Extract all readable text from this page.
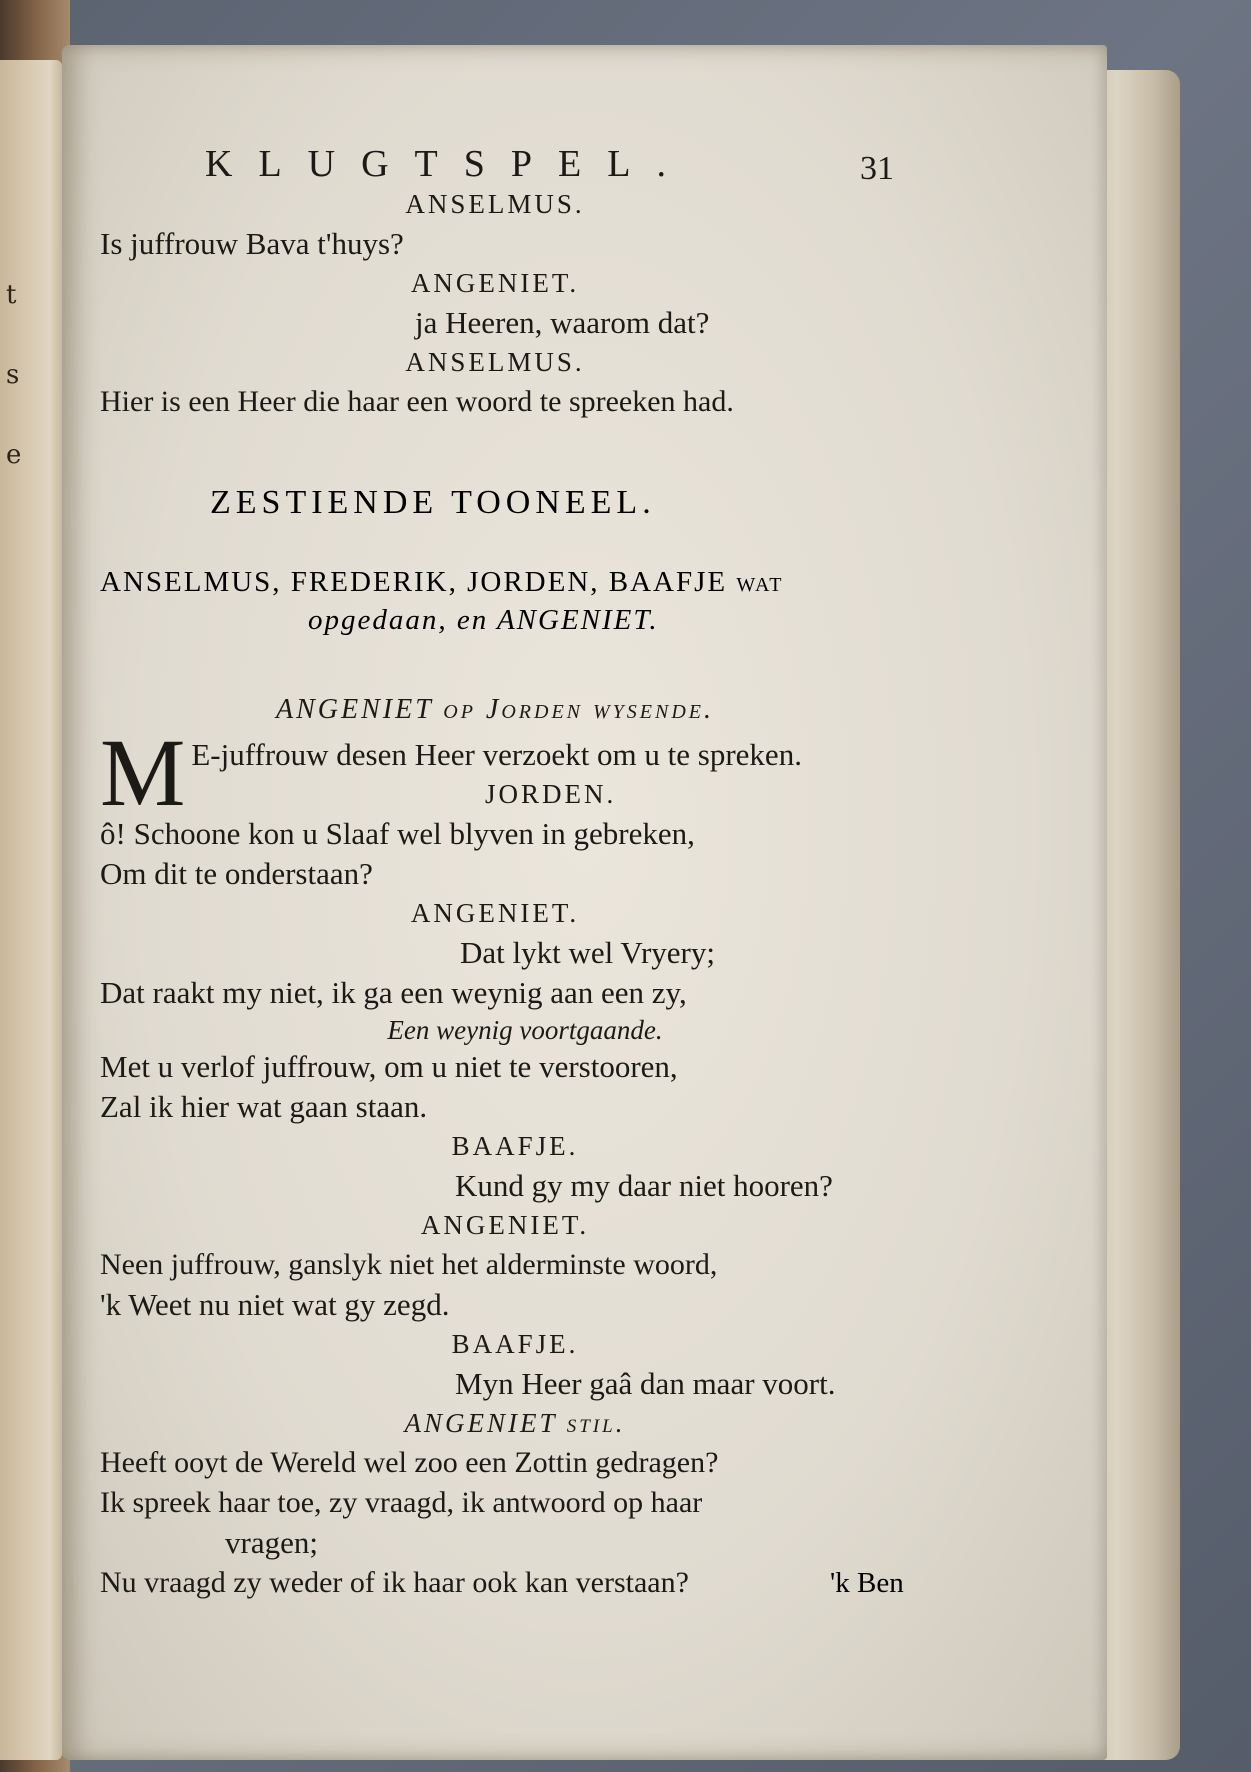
t
s
e
KLUGTSPEL.	31
ANSELMUS.
Is juffrouw Bava t'huys?
ANGENIET.
ja Heeren, waarom dat?
ANSELMUS.
Hier is een Heer die haar een woord te spreeken had.
ZESTIENDE TOONEEL.
ANSELMUS, FREDERIK, JORDEN, BAAFJE wat
opgedaan, en ANGENIET.
ANGENIET op Jorden wysende.
M E-juffrouw desen Heer verzoekt om u te spreken.
JORDEN.
ô! Schoone kon u Slaaf wel blyven in gebreken,
Om dit te onderstaan?
ANGENIET.
Dat lykt wel Vryery;
Dat raakt my niet, ik ga een weynig aan een zy,
Een weynig voortgaande.
Met u verlof juffrouw, om u niet te verstooren,
Zal ik hier wat gaan staan.
BAAFJE.
Kund gy my daar niet hooren?
ANGENIET.
Neen juffrouw, ganslyk niet het alderminste woord,
'k Weet nu niet wat gy zegd.
BAAFJE.
Myn Heer gaâ dan maar voort.
ANGENIET stil.
Heeft ooyt de Wereld wel zoo een Zottin gedragen?
Ik spreek haar toe, zy vraagd, ik antwoord op haar
vragen;
Nu vraagd zy weder of ik haar ook kan verstaan?	'k Ben
